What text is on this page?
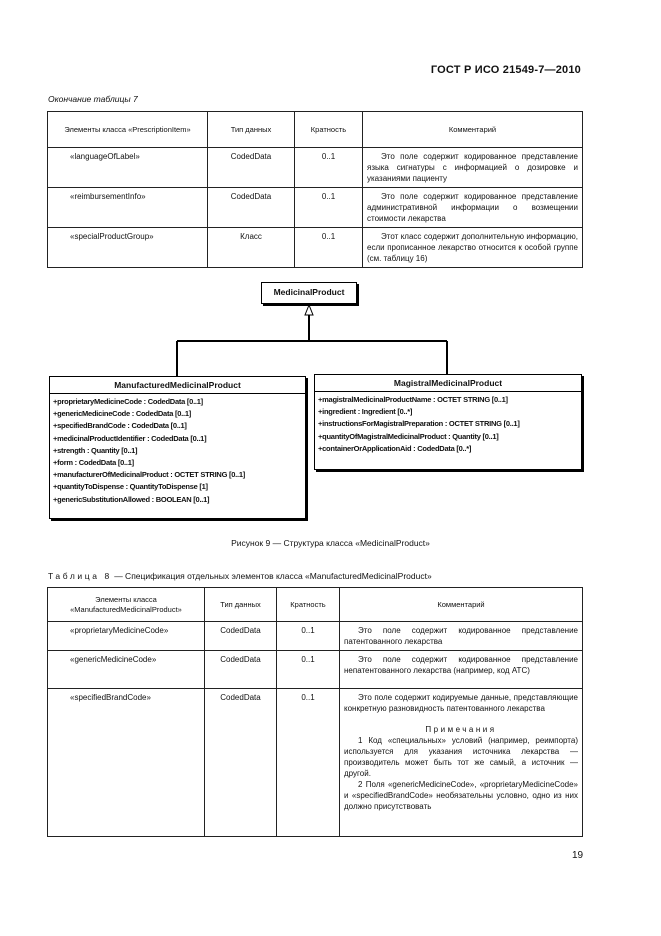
ГОСТ Р ИСО 21549-7—2010
Окончание таблицы 7
Элементы класса «PrescriptionItem»	Тип данных	Кратность	Комментарий
«languageOfLabel»	CodedData	0..1	Это поле содержит кодированное представление языка сигнатуры с информацией о дозировке и указаниями пациенту

«reimbursementInfo»	CodedData	0..1	Это поле содержит кодированное представление административной информации о возмещении стоимости лекарства

«specialProductGroup»	Класс	0..1	Этот класс содержит дополнительную информацию, если прописанное лекарство относится к особой группе (см. таблицу 16)
MedicinalProduct
ManufacturedMedicinalProduct
+proprietaryMedicineCode : CodedData [0..1]
+genericMedicineCode : CodedData [0..1]
+specifiedBrandCode : CodedData [0..1]
+medicinalProductIdentifier : CodedData [0..1]
+strength : Quantity [0..1]
+form : CodedData [0..1]
+manufacturerOfMedicinalProduct : OCTET STRING [0..1]
+quantityToDispense : QuantityToDispense [1]
+genericSubstitutionAllowed : BOOLEAN [0..1]
MagistralMedicinalProduct
+magistralMedicinalProductName : OCTET STRING [0..1]
+ingredient : Ingredient [0..*]
+instructionsForMagistralPreparation : OCTET STRING [0..1]
+quantityOfMagistralMedicinalProduct : Quantity [0..1]
+containerOrApplicationAid : CodedData [0..*]
Рисунок 9 — Структура класса «MedicinalProduct»
Таблица 8 — Спецификация отдельных элементов класса «ManufacturedMedicinalProduct»
Элементы класса «ManufacturedMedicinalProduct»	Тип данных	Кратность	Комментарий
«proprietaryMedicineCode»	CodedData	0..1	Это поле содержит кодированное представление патентованного лекарства

«genericMedicineCode»	CodedData	0..1	Это поле содержит кодированное представление непатентованного лекарства (например, код ATC)

«specifiedBrandCode»	CodedData	0..1	Это поле содержит кодируемые данные, представляющие конкретную разновидность патентованного лекарства
Примечания
1 Код «специальных» условий (например, реимпорта) используется для указания источника лекарства — производитель может быть тот же самый, а источник — другой.
2 Поля «genericMedicineCode», «proprietaryMedicineCode» и «specifiedBrandCode» необязательны условно, одно из них должно присутствовать
19
